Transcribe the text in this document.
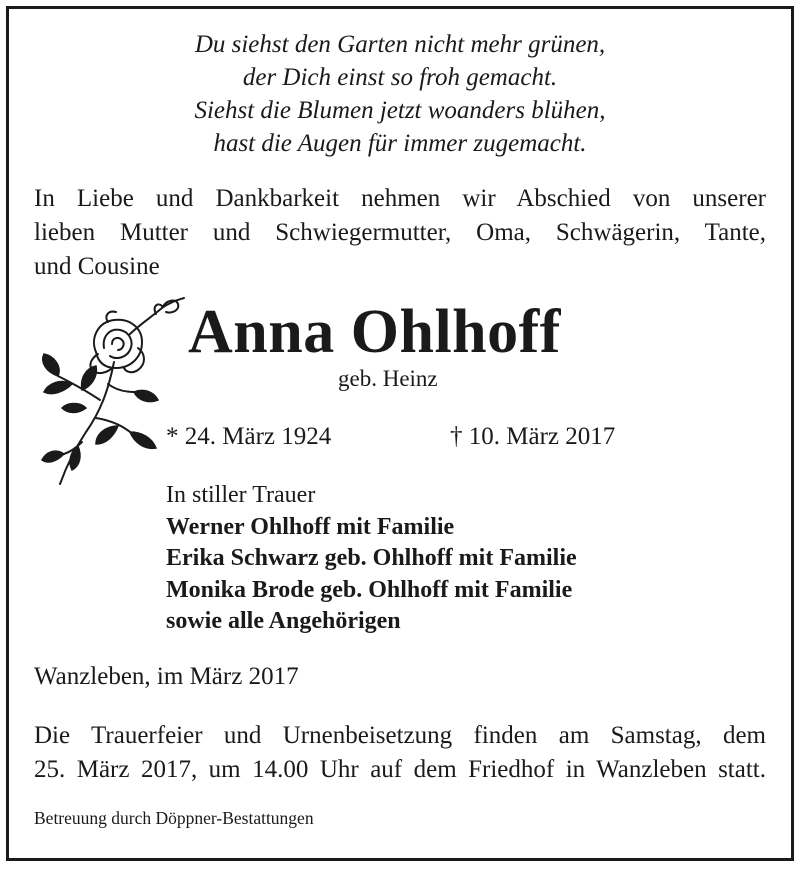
Du siehst den Garten nicht mehr grünen,
der Dich einst so froh gemacht.
Siehst die Blumen jetzt woanders blühen,
hast die Augen für immer zugemacht.
In Liebe und Dankbarkeit nehmen wir Abschied von unserer
lieben Mutter und Schwiegermutter, Oma, Schwägerin, Tante,
und Cousine
Anna Ohlhoff
geb. Heinz
* 24. März 1924	† 10. März 2017
In stiller Trauer
Werner Ohlhoff mit Familie
Erika Schwarz geb. Ohlhoff mit Familie
Monika Brode geb. Ohlhoff mit Familie
sowie alle Angehörigen
Wanzleben, im März 2017
Die Trauerfeier und Urnenbeisetzung finden am Samstag, dem
25. März 2017, um 14.00 Uhr auf dem Friedhof in Wanzleben statt.
Betreuung durch Döppner-Bestattungen
